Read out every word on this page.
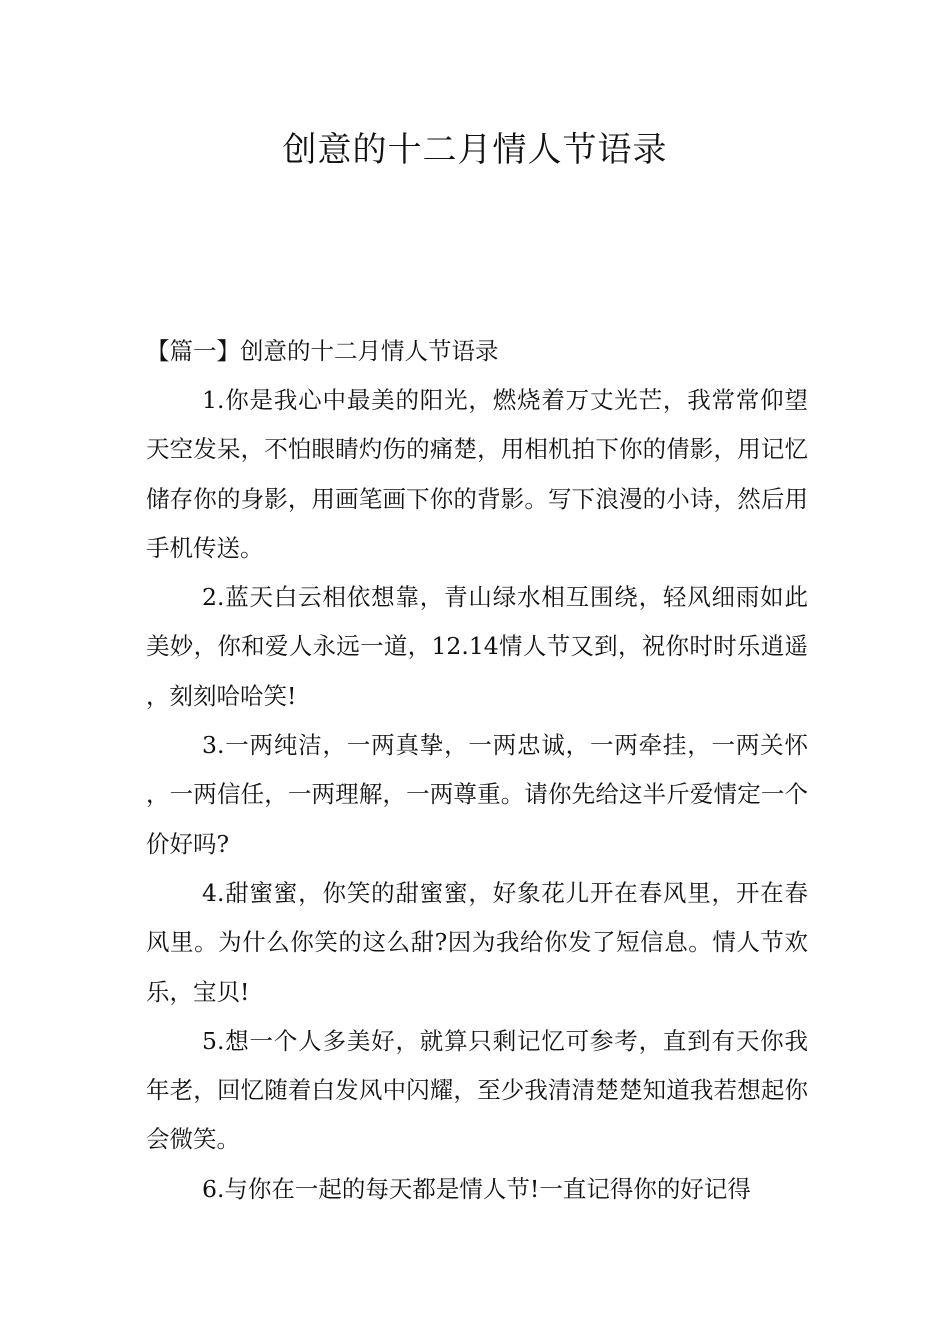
创意的十二月情人节语录

【篇一】创意的十二月情人节语录

1.你是我心中最美的阳光，燃烧着万丈光芒，我常常仰望天空发呆，不怕眼睛灼伤的痛楚，用相机拍下你的倩影，用记忆储存你的身影，用画笔画下你的背影。写下浪漫的小诗，然后用手机传送。

2.蓝天白云相依想靠，青山绿水相互围绕，轻风细雨如此美妙，你和爱人永远一道，12.14情人节又到，祝你时时乐逍遥，刻刻哈哈笑!

3.一两纯洁，一两真挚，一两忠诚，一两牵挂，一两关怀，一两信任，一两理解，一两尊重。请你先给这半斤爱情定一个价好吗?

4.甜蜜蜜，你笑的甜蜜蜜，好象花儿开在春风里，开在春风里。为什么你笑的这么甜?因为我给你发了短信息。情人节欢乐，宝贝!

5.想一个人多美好，就算只剩记忆可参考，直到有天你我年老，回忆随着白发风中闪耀，至少我清清楚楚知道我若想起你会微笑。

6.与你在一起的每天都是情人节!一直记得你的好记得
